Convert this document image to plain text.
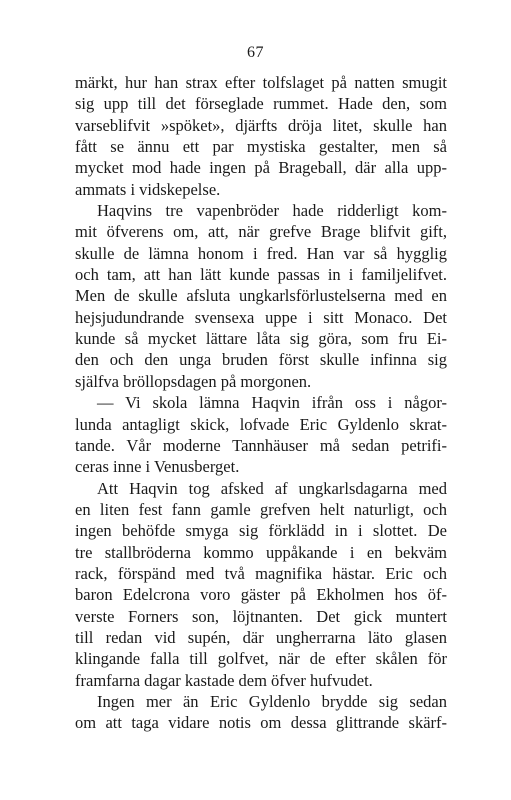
67
märkt, hur han strax efter tolfslaget på natten smugit
sig upp till det förseglade rummet. Hade den, som
varseblifvit »spöket», djärfts dröja litet, skulle han
fått se ännu ett par mystiska gestalter, men så
mycket mod hade ingen på Brageball, där alla upp-
ammats i vidskepelse.
Haqvins tre vapenbröder hade ridderligt kom-
mit öfverens om, att, när grefve Brage blifvit gift,
skulle de lämna honom i fred. Han var så hygglig
och tam, att han lätt kunde passas in i familjelifvet.
Men de skulle afsluta ungkarlsförlustelserna med en
hejsjudundrande svensexa uppe i sitt Monaco. Det
kunde så mycket lättare låta sig göra, som fru Ei-
den och den unga bruden först skulle infinna sig
själfva bröllopsdagen på morgonen.
— Vi skola lämna Haqvin ifrån oss i någor-
lunda antagligt skick, lofvade Eric Gyldenlo skrat-
tande. Vår moderne Tannhäuser må sedan petrifi-
ceras inne i Venusberget.
Att Haqvin tog afsked af ungkarlsdagarna med
en liten fest fann gamle grefven helt naturligt, och
ingen behöfde smyga sig förklädd in i slottet. De
tre stallbröderna kommo uppåkande i en bekväm
rack, förspänd med två magnifika hästar. Eric och
baron Edelcrona voro gäster på Ekholmen hos öf-
verste Forners son, löjtnanten. Det gick muntert
till redan vid supén, där ungherrarna läto glasen
klingande falla till golfvet, när de efter skålen för
framfarna dagar kastade dem öfver hufvudet.
Ingen mer än Eric Gyldenlo brydde sig sedan
om att taga vidare notis om dessa glittrande skärf-
